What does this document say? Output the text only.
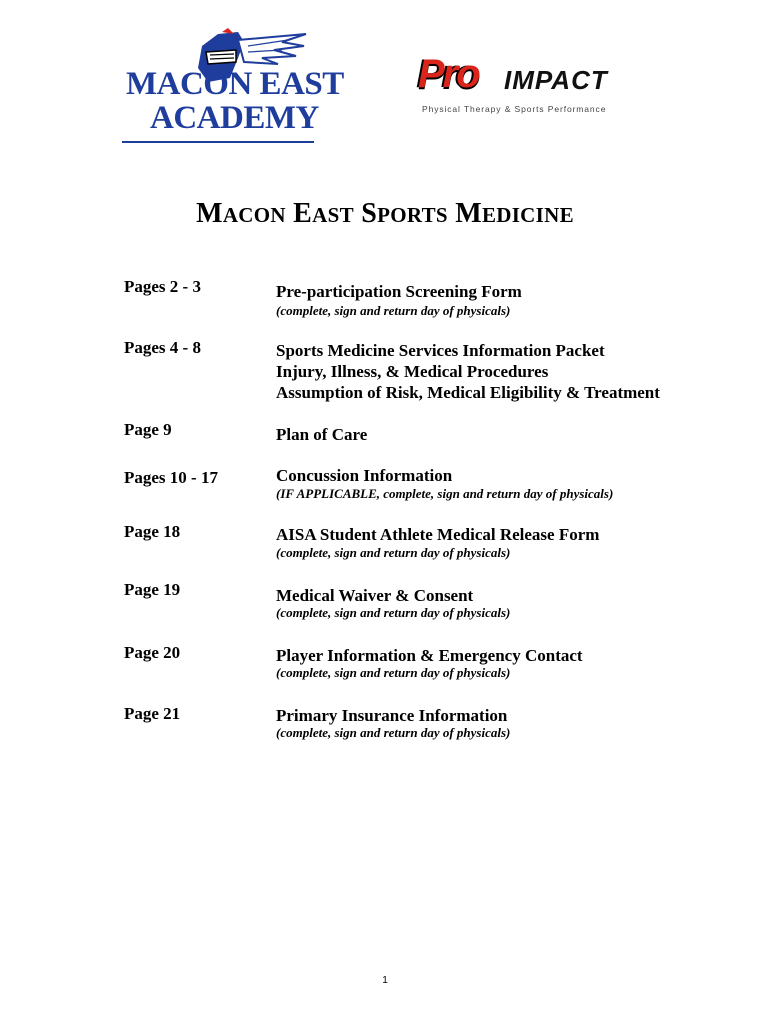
MACON EAST
ACADEMY
Pro IMPACT
Physical Therapy & Sports Performance
MACON EAST SPORTS MEDICINE
Pages 2 - 3	Pre-participation Screening Form
(complete, sign and return day of physicals)
Pages 4 - 8	Sports Medicine Services Information Packet
Injury, Illness, & Medical Procedures
Assumption of Risk, Medical Eligibility & Treatment
Page 9	Plan of Care
Pages 10 - 17	Concussion Information
(IF APPLICABLE, complete, sign and return day of physicals)
Page 18	AISA Student Athlete Medical Release Form
(complete, sign and return day of physicals)
Page 19	Medical Waiver & Consent
(complete, sign and return day of physicals)
Page 20	Player Information & Emergency Contact
(complete, sign and return day of physicals)
Page 21	Primary Insurance Information
(complete, sign and return day of physicals)
1
